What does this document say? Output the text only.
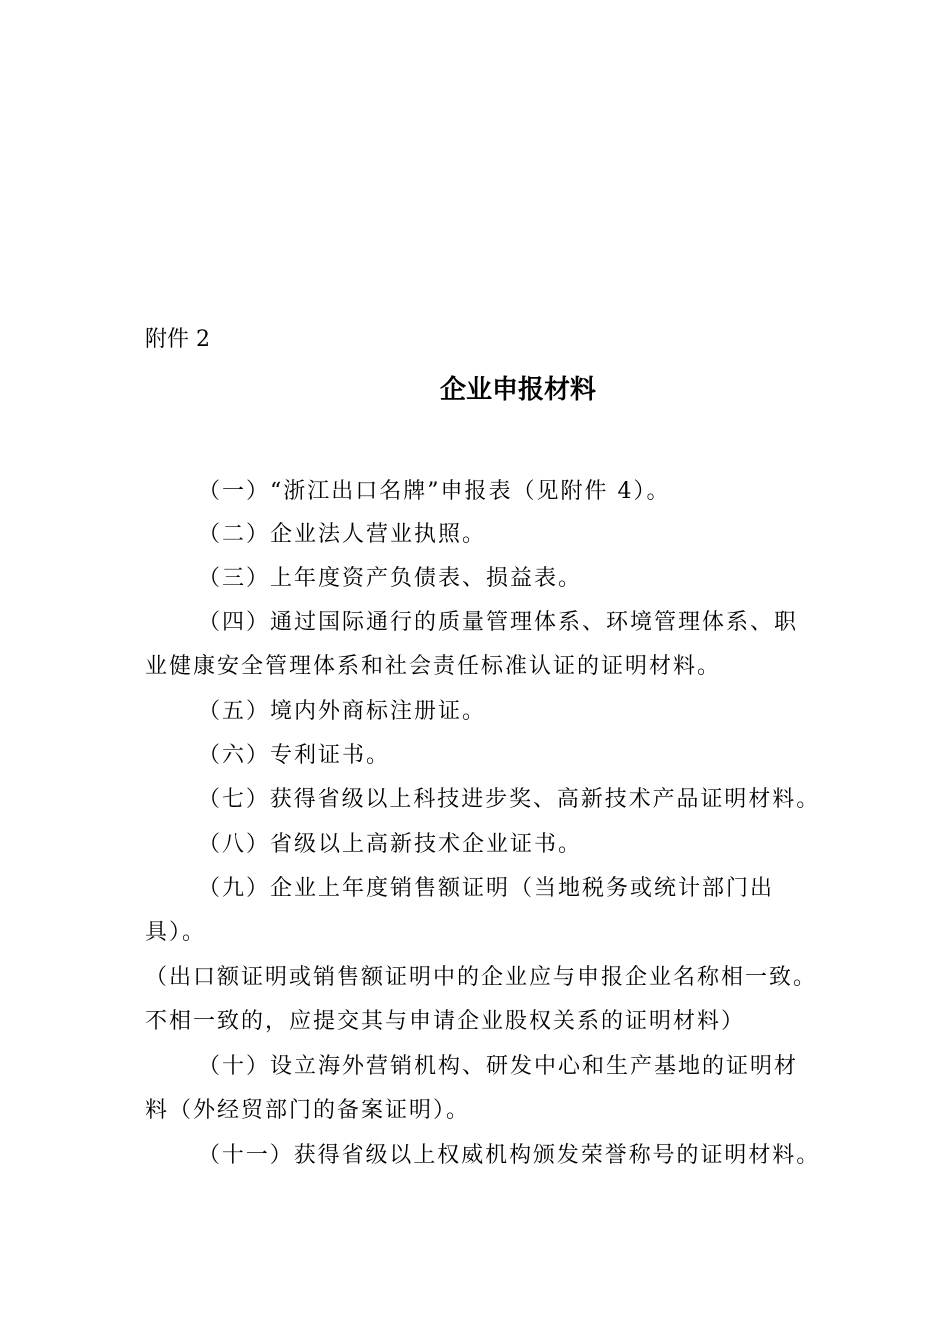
附件 2
企业申报材料
（一）“浙江出口名牌”申报表（见附件 4）。
（二）企业法人营业执照。
（三）上年度资产负债表、损益表。
（四）通过国际通行的质量管理体系、环境管理体系、职
业健康安全管理体系和社会责任标准认证的证明材料。
（五）境内外商标注册证。
（六）专利证书。
（七）获得省级以上科技进步奖、高新技术产品证明材料。
（八）省级以上高新技术企业证书。
（九）企业上年度销售额证明（当地税务或统计部门出
具）。
（出口额证明或销售额证明中的企业应与申报企业名称相一致。
不相一致的，应提交其与申请企业股权关系的证明材料）
（十）设立海外营销机构、研发中心和生产基地的证明材
料（外经贸部门的备案证明）。
（十一）获得省级以上权威机构颁发荣誉称号的证明材料。
